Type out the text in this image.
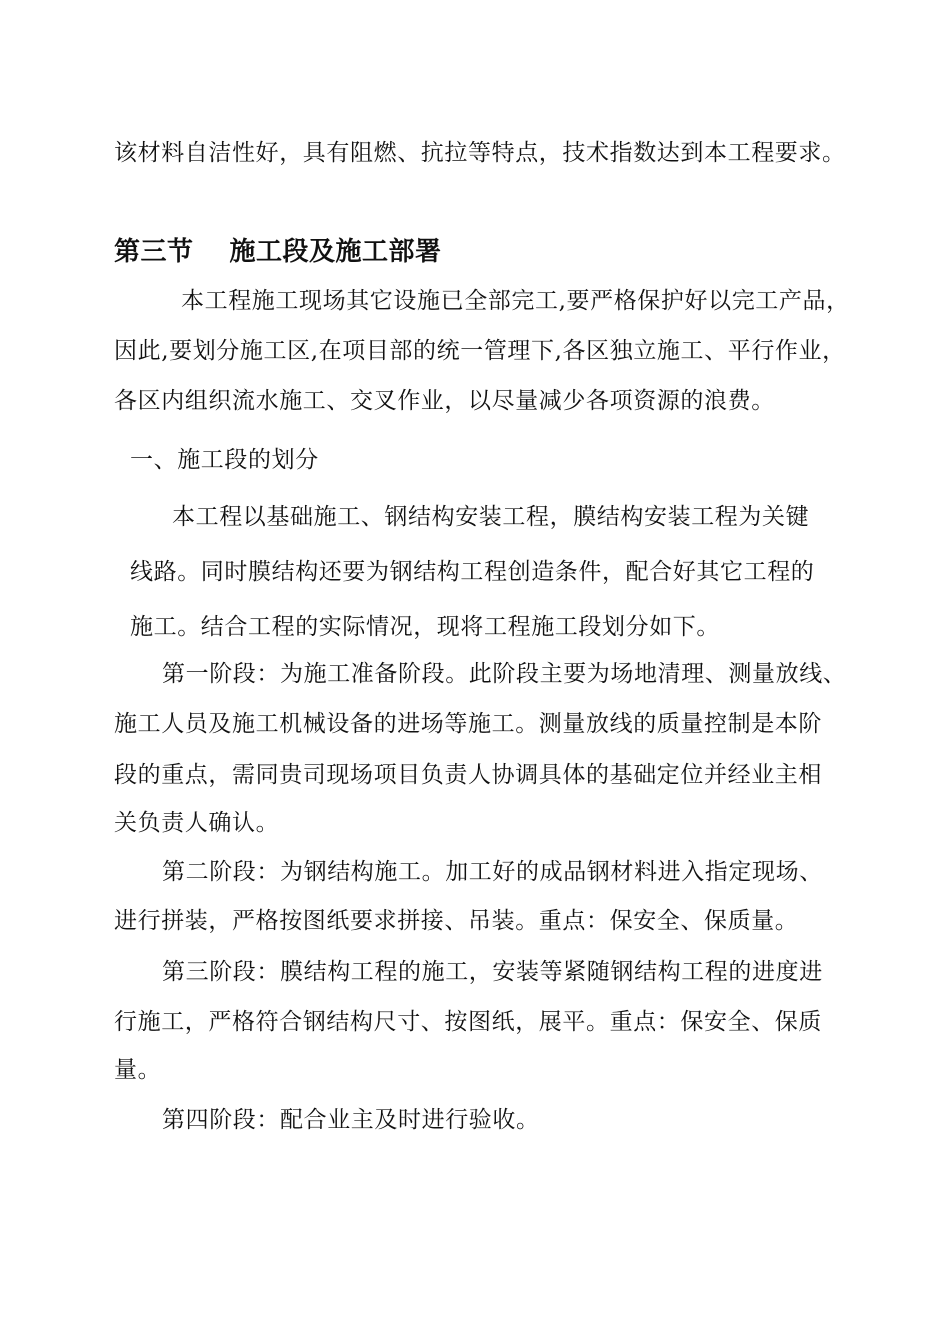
该材料自洁性好，具有阻燃、抗拉等特点，技术指数达到本工程要求。
第三节　 施工段及施工部署
本工程施工现场其它设施已全部完工,要严格保护好以完工产品，
因此,要划分施工区,在项目部的统一管理下,各区独立施工、平行作业，
各区内组织流水施工、交叉作业，以尽量减少各项资源的浪费。
一、施工段的划分
本工程以基础施工、钢结构安装工程，膜结构安装工程为关键
线路。同时膜结构还要为钢结构工程创造条件，配合好其它工程的
施工。结合工程的实际情况，现将工程施工段划分如下。
第一阶段：为施工准备阶段。此阶段主要为场地清理、测量放线、
施工人员及施工机械设备的进场等施工。测量放线的质量控制是本阶
段的重点，需同贵司现场项目负责人协调具体的基础定位并经业主相
关负责人确认。
第二阶段：为钢结构施工。加工好的成品钢材料进入指定现场、
进行拼装，严格按图纸要求拼接、吊装。重点：保安全、保质量。
第三阶段：膜结构工程的施工，安装等紧随钢结构工程的进度进
行施工，严格符合钢结构尺寸、按图纸，展平。重点：保安全、保质
量。
第四阶段：配合业主及时进行验收。
